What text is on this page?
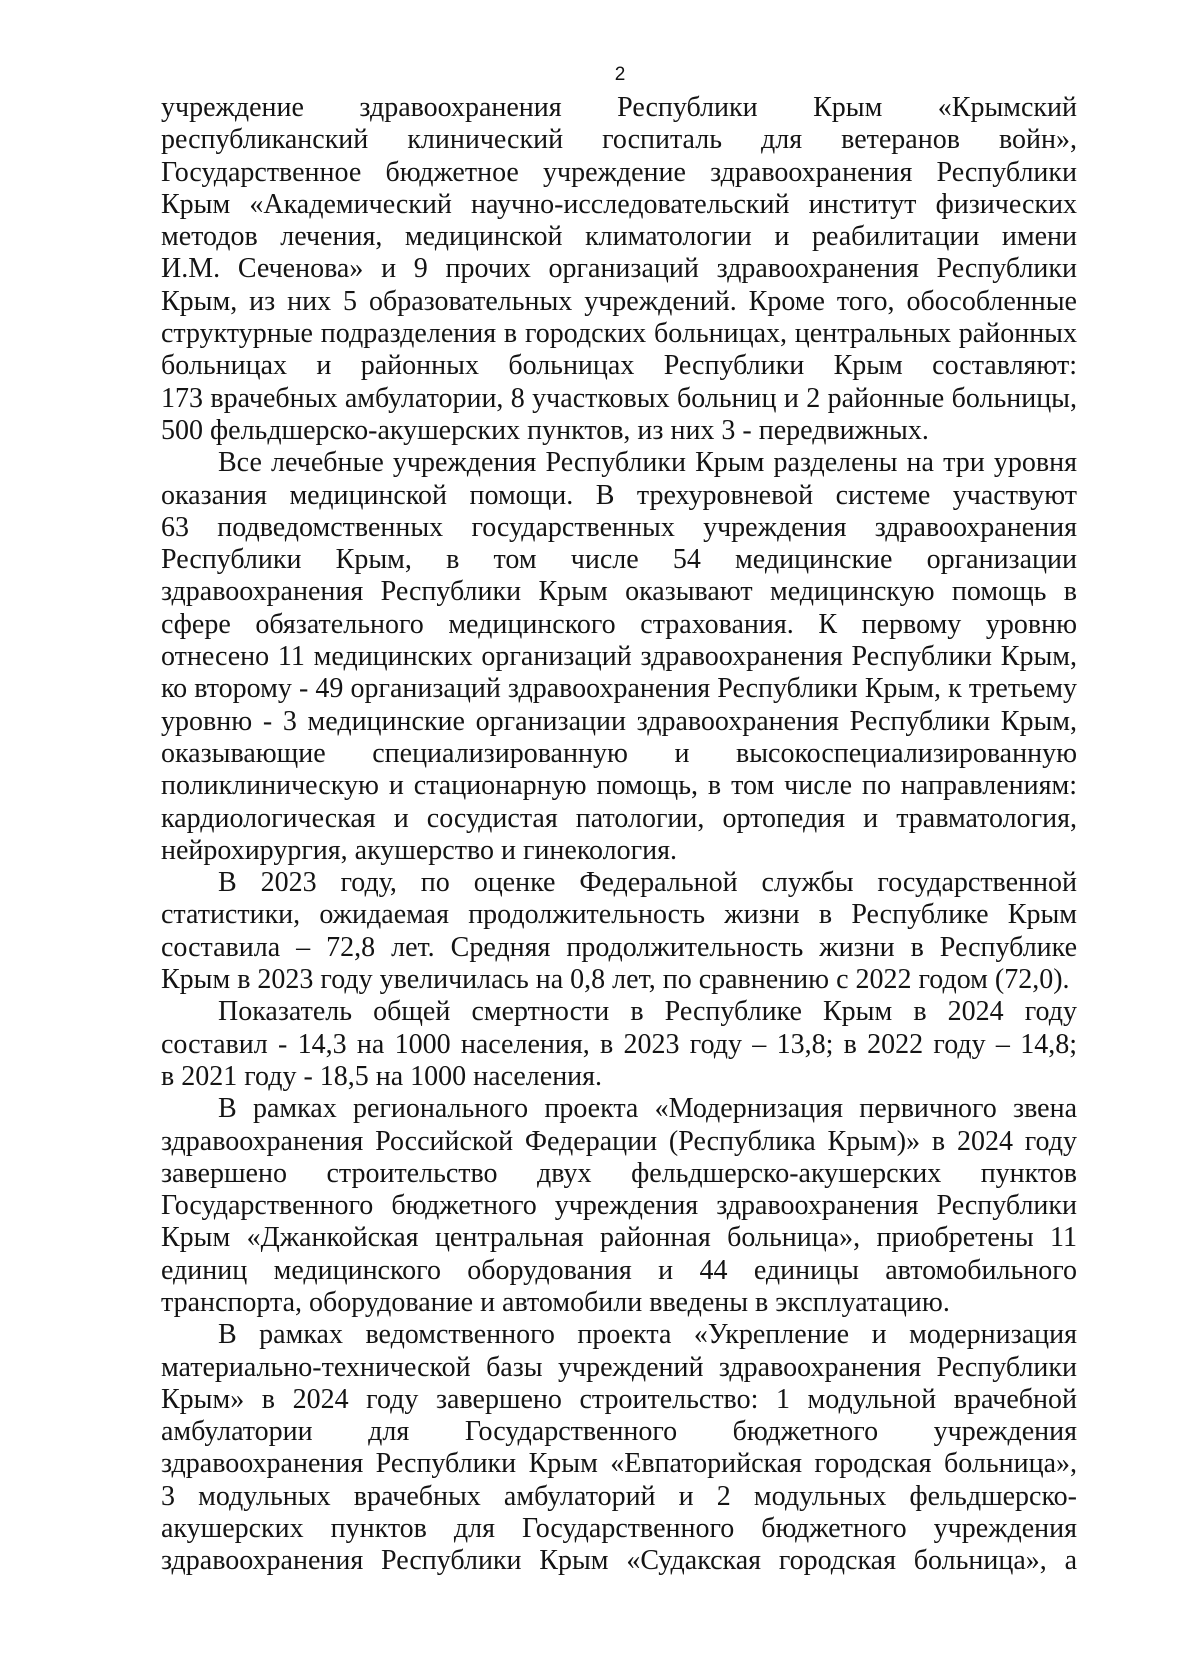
2
учреждение здравоохранения Республики Крым «Крымский
республиканский клинический госпиталь для ветеранов войн»,
Государственное бюджетное учреждение здравоохранения Республики
Крым «Академический научно-исследовательский институт физических
методов лечения, медицинской климатологии и реабилитации имени
И.М. Сеченова» и 9 прочих организаций здравоохранения Республики
Крым, из них 5 образовательных учреждений. Кроме того, обособленные
структурные подразделения в городских больницах, центральных районных
больницах и районных больницах Республики Крым составляют:
173 врачебных амбулатории, 8 участковых больниц и 2 районные больницы,
500 фельдшерско-акушерских пунктов, из них 3 - передвижных.
Все лечебные учреждения Республики Крым разделены на три уровня
оказания медицинской помощи. В трехуровневой системе участвуют
63 подведомственных государственных учреждения здравоохранения
Республики Крым, в том числе 54 медицинские организации
здравоохранения Республики Крым оказывают медицинскую помощь в
сфере обязательного медицинского страхования. К первому уровню
отнесено 11 медицинских организаций здравоохранения Республики Крым,
ко второму - 49 организаций здравоохранения Республики Крым, к третьему
уровню - 3 медицинские организации здравоохранения Республики Крым,
оказывающие специализированную и высокоспециализированную
поликлиническую и стационарную помощь, в том числе по направлениям:
кардиологическая и сосудистая патологии, ортопедия и травматология,
нейрохирургия, акушерство и гинекология.
В 2023 году, по оценке Федеральной службы государственной
статистики, ожидаемая продолжительность жизни в Республике Крым
составила – 72,8 лет. Средняя продолжительность жизни в Республике
Крым в 2023 году увеличилась на 0,8 лет, по сравнению с 2022 годом (72,0).
Показатель общей смертности в Республике Крым в 2024 году
составил - 14,3 на 1000 населения, в 2023 году – 13,8; в 2022 году – 14,8;
в 2021 году - 18,5 на 1000 населения.
В рамках регионального проекта «Модернизация первичного звена
здравоохранения Российской Федерации (Республика Крым)» в 2024 году
завершено строительство двух фельдшерско-акушерских пунктов
Государственного бюджетного учреждения здравоохранения Республики
Крым «Джанкойская центральная районная больница», приобретены 11
единиц медицинского оборудования и 44 единицы автомобильного
транспорта, оборудование и автомобили введены в эксплуатацию.
В рамках ведомственного проекта «Укрепление и модернизация
материально-технической базы учреждений здравоохранения Республики
Крым» в 2024 году завершено строительство: 1 модульной врачебной
амбулатории для Государственного бюджетного учреждения
здравоохранения Республики Крым «Евпаторийская городская больница»,
3 модульных врачебных амбулаторий и 2 модульных фельдшерско-
акушерских пунктов для Государственного бюджетного учреждения
здравоохранения Республики Крым «Судакская городская больница», а
